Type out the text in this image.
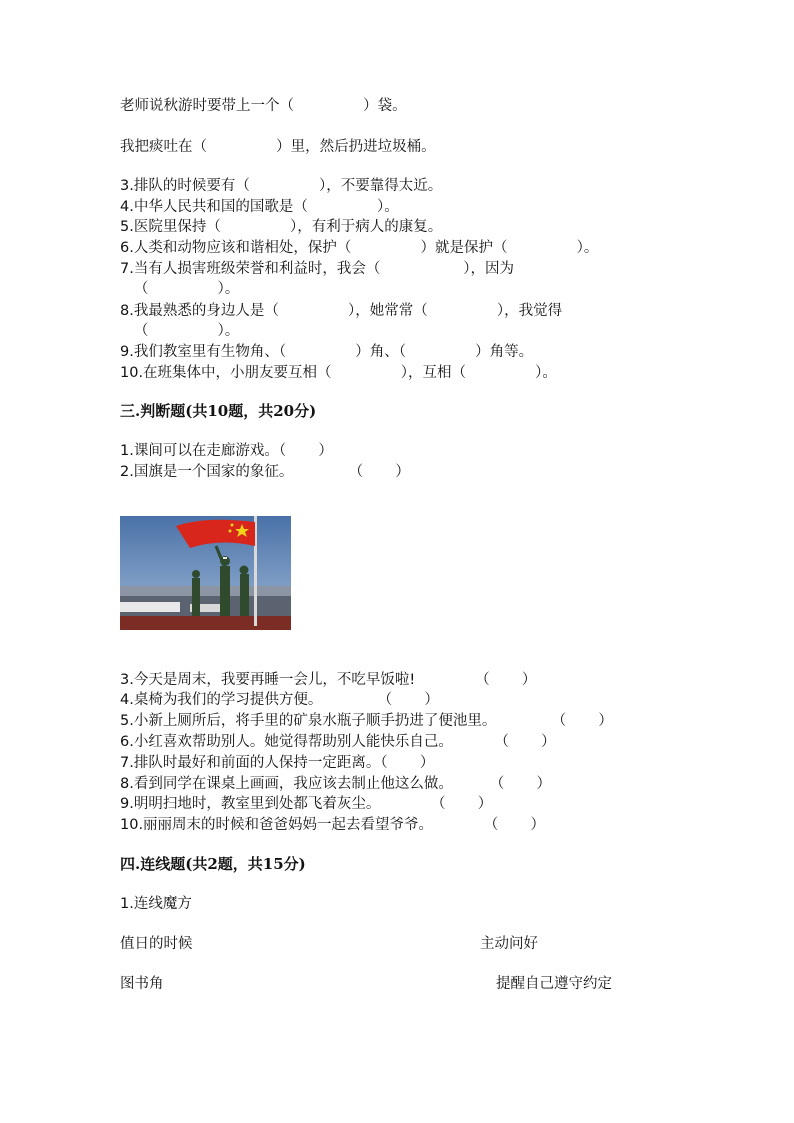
老师说秋游时要带上一个（               ）袋。
我把痰吐在（               ）里，然后扔进垃圾桶。
3.排队的时候要有（               ），不要靠得太近。
4.中华人民共和国的国歌是（               ）。
5.医院里保持（               ），有利于病人的康复。
6.人类和动物应该和谐相处，保护（               ）就是保护（               ）。
7.当有人损害班级荣誉和利益时，我会（                  ），因为
（               ）。
8.我最熟悉的身边人是（               ），她常常（               ），我觉得
（               ）。
9.我们教室里有生物角、（               ）角、（               ）角等。
10.在班集体中，小朋友要互相（               ），互相（               ）。
三.判断题(共10题，共20分)
1.课间可以在走廊游戏。（       ）
2.国旗是一个国家的象征。            （       ）
3.今天是周末，我要再睡一会儿，不吃早饭啦!             （       ）
4.桌椅为我们的学习提供方便。            （       ）
5.小新上厕所后，将手里的矿泉水瓶子顺手扔进了便池里。            （       ）
6.小红喜欢帮助别人。她觉得帮助别人能快乐自己。         （       ）
7.排队时最好和前面的人保持一定距离。（       ）
8.看到同学在课桌上画画，我应该去制止他这么做。        （       ）
9.明明扫地时，教室里到处都飞着灰尘。           （       ）
10.丽丽周末的时候和爸爸妈妈一起去看望爷爷。           （       ）
四.连线题(共2题，共15分)
1.连线魔方
值日的时候	主动问好
图书角	提醒自己遵守约定
